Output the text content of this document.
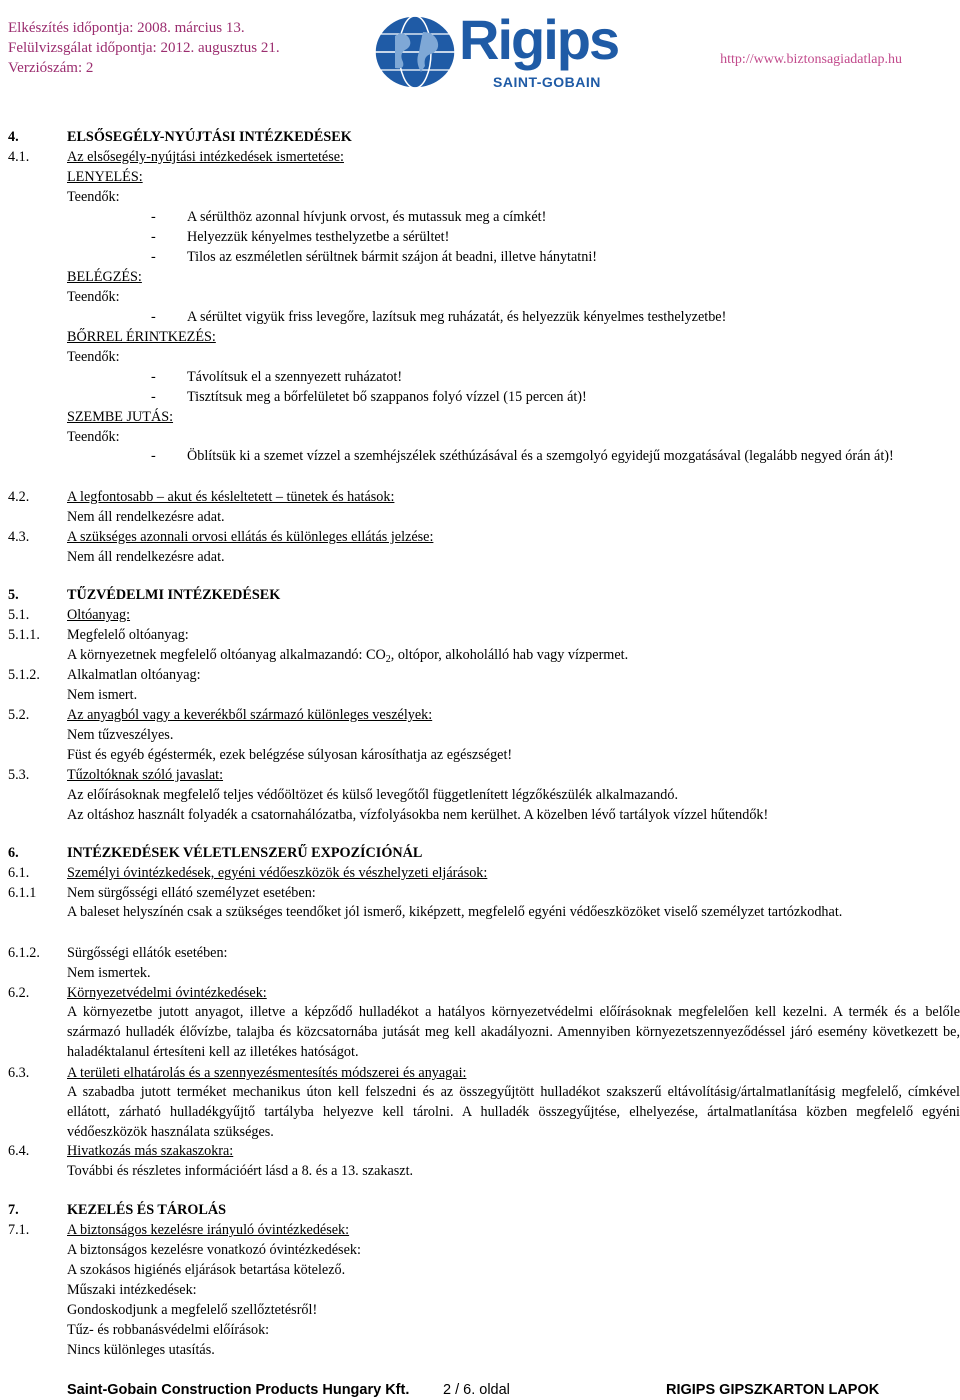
Elkészítés időpontja: 2008. március 13.
Felülvizsgálat időpontja: 2012. augusztus 21.
Verziószám: 2	Rigips
SAINT-GOBAIN
http://www.biztonsagiadatlap.hu
4.	ELSŐSEGÉLY-NYÚJTÁSI INTÉZKEDÉSEK
4.1.	Az elsősegély-nyújtási intézkedések ismertetése:
LENYELÉS:
Teendők:
- A sérülthöz azonnal hívjunk orvost, és mutassuk meg a címkét!
- Helyezzük kényelmes testhelyzetbe a sérültet!
- Tilos az eszméletlen sérültnek bármit szájon át beadni, illetve hánytatni!
BELÉGZÉS:
Teendők:
- A sérültet vigyük friss levegőre, lazítsuk meg ruházatát, és helyezzük kényelmes testhelyzetbe!
BŐRREL ÉRINTKEZÉS:
Teendők:
- Távolítsuk el a szennyezett ruházatot!
- Tisztítsuk meg a bőrfelületet bő szappanos folyó vízzel (15 percen át)!
SZEMBE JUTÁS:
Teendők:
- Öblítsük ki a szemet vízzel a szemhéjszélek széthúzásával és a szemgolyó egyidejű mozgatásával (legalább negyed órán át)!
4.2.	A legfontosabb – akut és késleltetett – tünetek és hatások:
Nem áll rendelkezésre adat.
4.3.	A szükséges azonnali orvosi ellátás és különleges ellátás jelzése:
Nem áll rendelkezésre adat.
5.	TŰZVÉDELMI INTÉZKEDÉSEK
5.1.	Oltóanyag:
5.1.1. Megfelelő oltóanyag:
A környezetnek megfelelő oltóanyag alkalmazandó: $CO_2$, oltópor, alkoholálló hab vagy vízpermet.
5.1.2. Alkalmatlan oltóanyag:
Nem ismert.
5.2.	Az anyagból vagy a keverékből származó különleges veszélyek:
Nem tűzveszélyes.
Füst és egyéb égéstermék, ezek belégzése súlyosan károsíthatja az egészséget!
5.3.	Tűzoltóknak szóló javaslat:
Az előírásoknak megfelelő teljes védőöltözet és külső levegőtől függetlenített légzőkészülék alkalmazandó.
Az oltáshoz használt folyadék a csatornahálózatba, vízfolyásokba nem kerülhet. A közelben lévő tartályok vízzel hűtendők!
6.	INTÉZKEDÉSEK VÉLETLENSZERŰ EXPOZÍCIÓNÁL
6.1.	Személyi óvintézkedések, egyéni védőeszközök és vészhelyzeti eljárások:
6.1.1 Nem sürgősségi ellátó személyzet esetében:
A baleset helyszínén csak a szükséges teendőket jól ismerő, kiképzett, megfelelő egyéni védőeszközöket viselő személyzet tartózkodhat.
6.1.2. Sürgősségi ellátók esetében:
Nem ismertek.
6.2.	Környezetvédelmi óvintézkedések:
A környezetbe jutott anyagot, illetve a képződő hulladékot a hatályos környezetvédelmi előírásoknak megfelelően kell kezelni. A termék és a belőle származó hulladék élővízbe, talajba és közcsatornába jutását meg kell akadályozni. Amennyiben környezetszennyeződéssel járó esemény következett be, haladéktalanul értesíteni kell az illetékes hatóságot.
6.3.	A területi elhatárolás és a szennyezésmentesítés módszerei és anyagai:
A szabadba jutott terméket mechanikus úton kell felszedni és az összegyűjtött hulladékot szakszerű eltávolításig/ártalmatlanításig megfelelő, címkével ellátott, zárható hulladékgyűjtő tartályba helyezve kell tárolni. A hulladék összegyűjtése, elhelyezése, ártalmatlanítása közben megfelelő egyéni védőeszközök használata szükséges.
6.4.	Hivatkozás más szakaszokra:
További és részletes információért lásd a 8. és a 13. szakaszt.
7.	KEZELÉS ÉS TÁROLÁS
7.1.	A biztonságos kezelésre irányuló óvintézkedések:
A biztonságos kezelésre vonatkozó óvintézkedések:
A szokásos higiénés eljárások betartása kötelező.
Műszaki intézkedések:
Gondoskodjunk a megfelelő szellőztetésről!
Tűz- és robbanásvédelmi előírások:
Nincs különleges utasítás.
Saint-Gobain Construction Products Hungary Kft. 2 / 6. oldal	RIGIPS GIPSZKARTON LAPOK
